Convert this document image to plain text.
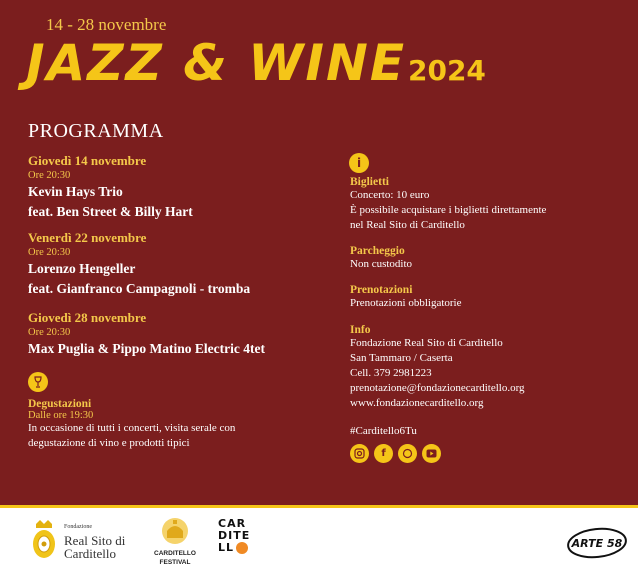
14 - 28 novembre
JAZZ & WINE2024
PROGRAMMA
Giovedì 14 novembre
Ore 20:30
Kevin Hays Trio
feat. Ben Street & Billy Hart
Venerdì 22 novembre
Ore 20:30
Lorenzo Hengeller
feat. Gianfranco Campagnoli - tromba
Giovedì 28 novembre
Ore 20:30
Max Puglia & Pippo Matino Electric 4tet
Degustazioni
Dalle ore 19:30
In occasione di tutti i concerti, visita serale con
degustazione di vino e prodotti tipici
i
Biglietti
Concerto: 10 euro
È possibile acquistare i biglietti direttamente
nel Real Sito di Carditello
Parcheggio
Non custodito
Prenotazioni
Prenotazioni obbligatorie
Info
Fondazione Real Sito di Carditello
San Tammaro / Caserta
Cell. 379 2981223
prenotazione@fondazionecarditello.org
www.fondazionecarditello.org
#Carditello6Tu
f
Fondazione
Real Sito di
Carditello	CARDITELLO
FESTIVAL
CAR
DITE
LL	ARTE 58
